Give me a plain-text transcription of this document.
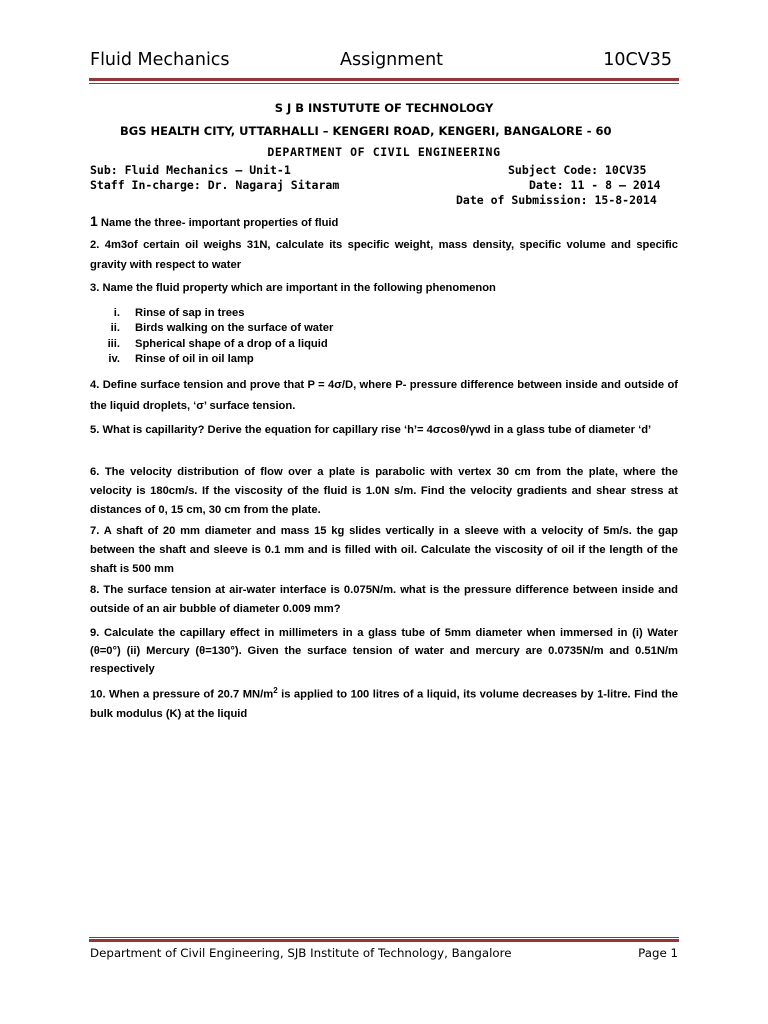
Fluid Mechanics	Assignment	10CV35
S J B INSTUTUTE OF TECHNOLOGY
BGS HEALTH CITY, UTTARHALLI – KENGERI ROAD, KENGERI, BANGALORE - 60
DEPARTMENT OF CIVIL ENGINEERING
Sub: Fluid Mechanics – Unit-1
Staff In-charge: Dr. Nagaraj Sitaram
Subject Code: 10CV35
Date: 11 - 8 – 2014
Date of Submission: 15-8-2014
1 Name the three- important properties of fluid
2. 4m3of certain oil weighs 31N, calculate its specific weight, mass density, specific volume and specific gravity with respect to water
3. Name the fluid property which are important in the following phenomenon
i. Rinse of sap in trees
ii. Birds walking on the surface of water
iii. Spherical shape of a drop of a liquid
iv. Rinse of oil in oil lamp
4. Define surface tension and prove that P = 4σ/D, where P- pressure difference between inside and outside of the liquid droplets, ‘σ’ surface tension.
5. What is capillarity? Derive the equation for capillary rise ‘h’= 4σcosθ/γwd in a glass tube of diameter ‘d’
6. The velocity distribution of flow over a plate is parabolic with vertex 30 cm from the plate, where the velocity is 180cm/s. If the viscosity of the fluid is 1.0N s/m. Find the velocity gradients and shear stress at distances of 0, 15 cm, 30 cm from the plate.
7. A shaft of 20 mm diameter and mass 15 kg slides vertically in a sleeve with a velocity of 5m/s. the gap between the shaft and sleeve is 0.1 mm and is filled with oil. Calculate the viscosity of oil if the length of the shaft is 500 mm
8. The surface tension at air-water interface is 0.075N/m. what is the pressure difference between inside and outside of an air bubble of diameter 0.009 mm?
9. Calculate the capillary effect in millimeters in a glass tube of 5mm diameter when immersed in (i) Water (θ=0°) (ii) Mercury (θ=130°). Given the surface tension of water and mercury are 0.0735N/m and 0.51N/m respectively
10. When a pressure of 20.7 $MN/m^2$ is applied to 100 litres of a liquid, its volume decreases by 1-litre. Find the bulk modulus (K) at the liquid
Department of Civil Engineering, SJB Institute of Technology, Bangalore	Page 1
